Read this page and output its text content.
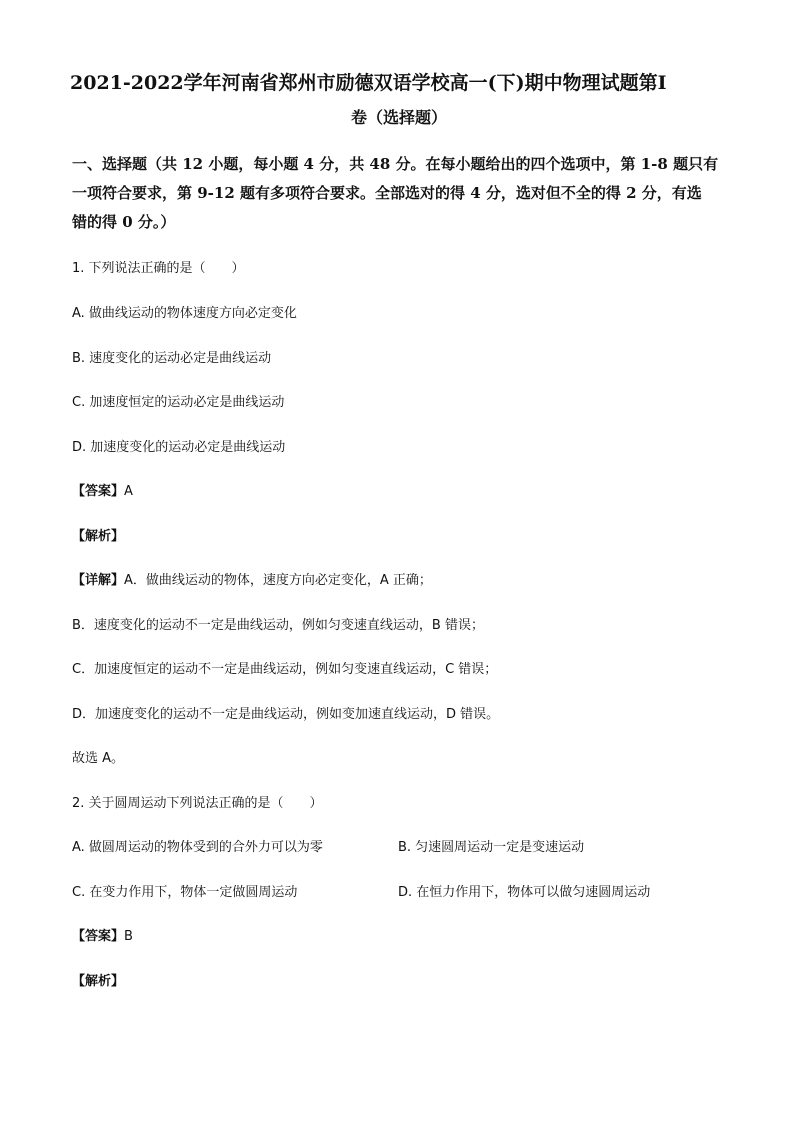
2021-2022学年河南省郑州市励德双语学校高一(下)期中物理试题第Ⅰ
卷（选择题）
一、选择题（共 12 小题，每小题 4 分，共 48 分。在每小题给出的四个选项中，第 1-8 题只有
一项符合要求，第 9-12 题有多项符合要求。全部选对的得 4 分，选对但不全的得 2 分，有选
错的得 0 分。）
1. 下列说法正确的是（　　）
A. 做曲线运动的物体速度方向必定变化
B. 速度变化的运动必定是曲线运动
C. 加速度恒定的运动必定是曲线运动
D. 加速度变化的运动必定是曲线运动
【答案】A
【解析】
【详解】A．做曲线运动的物体，速度方向必定变化，A 正确；
B．速度变化的运动不一定是曲线运动，例如匀变速直线运动，B 错误；
C．加速度恒定的运动不一定是曲线运动，例如匀变速直线运动，C 错误；
D．加速度变化的运动不一定是曲线运动，例如变加速直线运动，D 错误。
故选 A。
2. 关于圆周运动下列说法正确的是（　　）
A. 做圆周运动的物体受到的合外力可以为零	B. 匀速圆周运动一定是变速运动
C. 在变力作用下，物体一定做圆周运动	D. 在恒力作用下，物体可以做匀速圆周运动
【答案】B
【解析】
